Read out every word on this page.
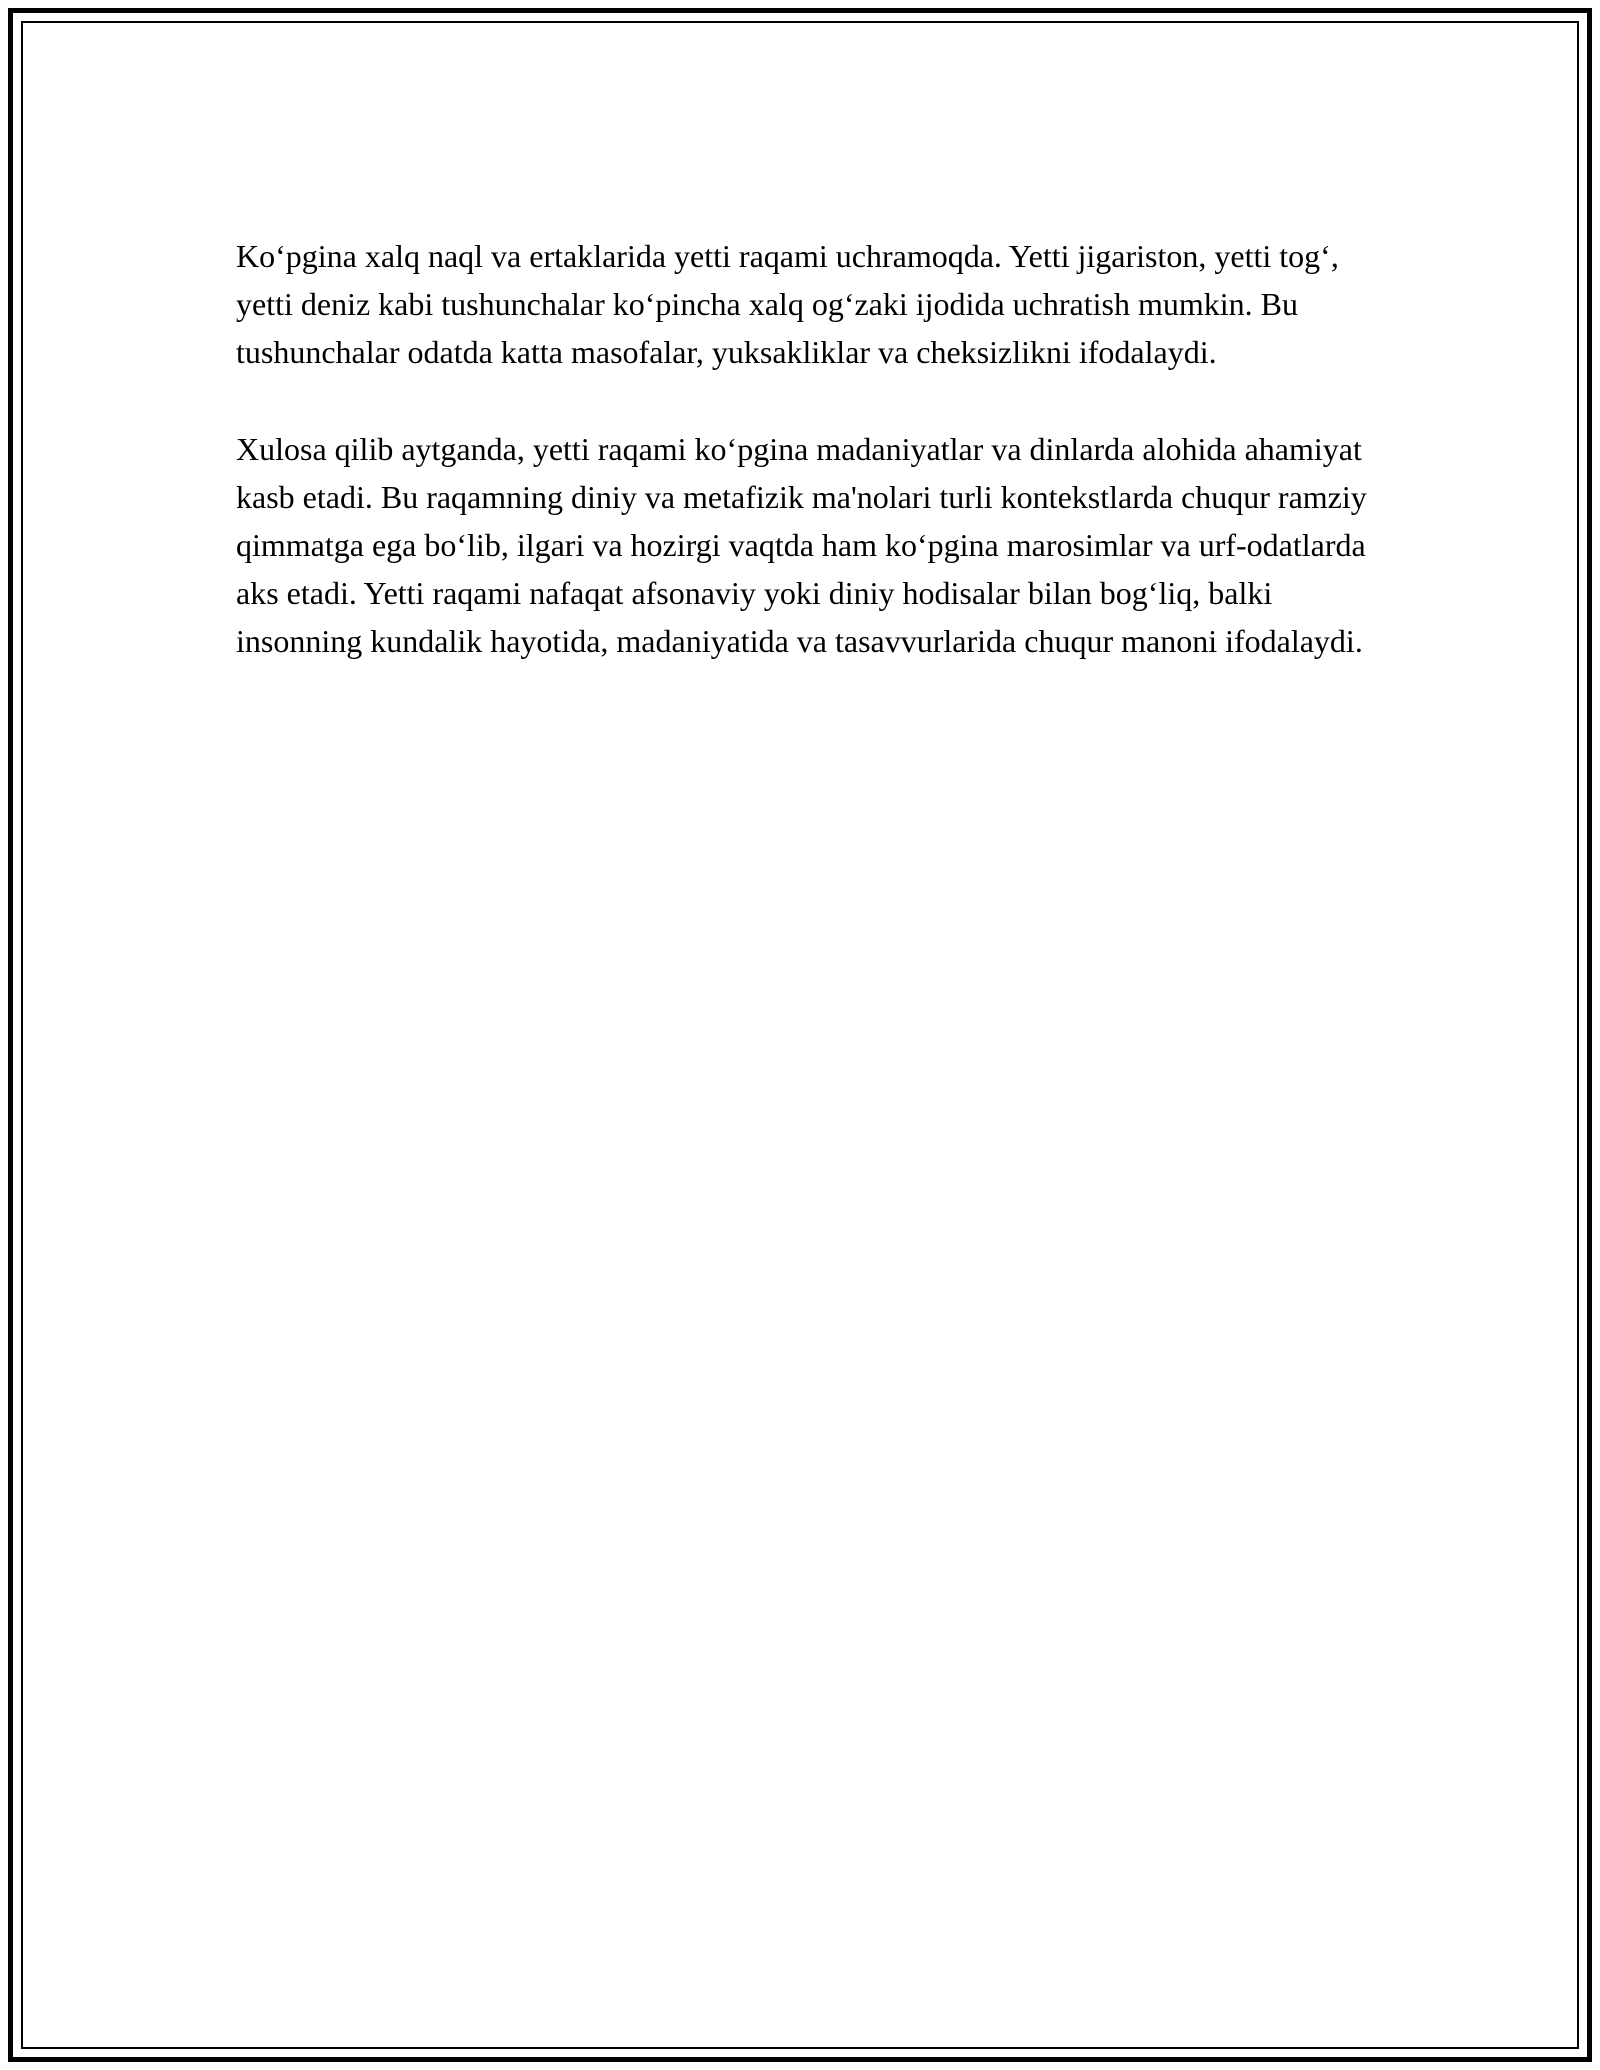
Ko‘pgina xalq naql va ertaklarida yetti raqami uchramoqda. Yetti jigariston, yetti tog‘, yetti deniz kabi tushunchalar ko‘pincha xalq og‘zaki ijodida uchratish mumkin. Bu tushunchalar odatda katta masofalar, yuksakliklar va cheksizlikni ifodalaydi.

Xulosa qilib aytganda, yetti raqami ko‘pgina madaniyatlar va dinlarda alohida ahamiyat kasb etadi. Bu raqamning diniy va metafizik ma'nolari turli kontekstlarda chuqur ramziy qimmatga ega bo‘lib, ilgari va hozirgi vaqtda ham ko‘pgina marosimlar va urf-odatlarda aks etadi. Yetti raqami nafaqat afsonaviy yoki diniy hodisalar bilan bog‘liq, balki insonning kundalik hayotida, madaniyatida va tasavvurlarida chuqur manoni ifodalaydi.
